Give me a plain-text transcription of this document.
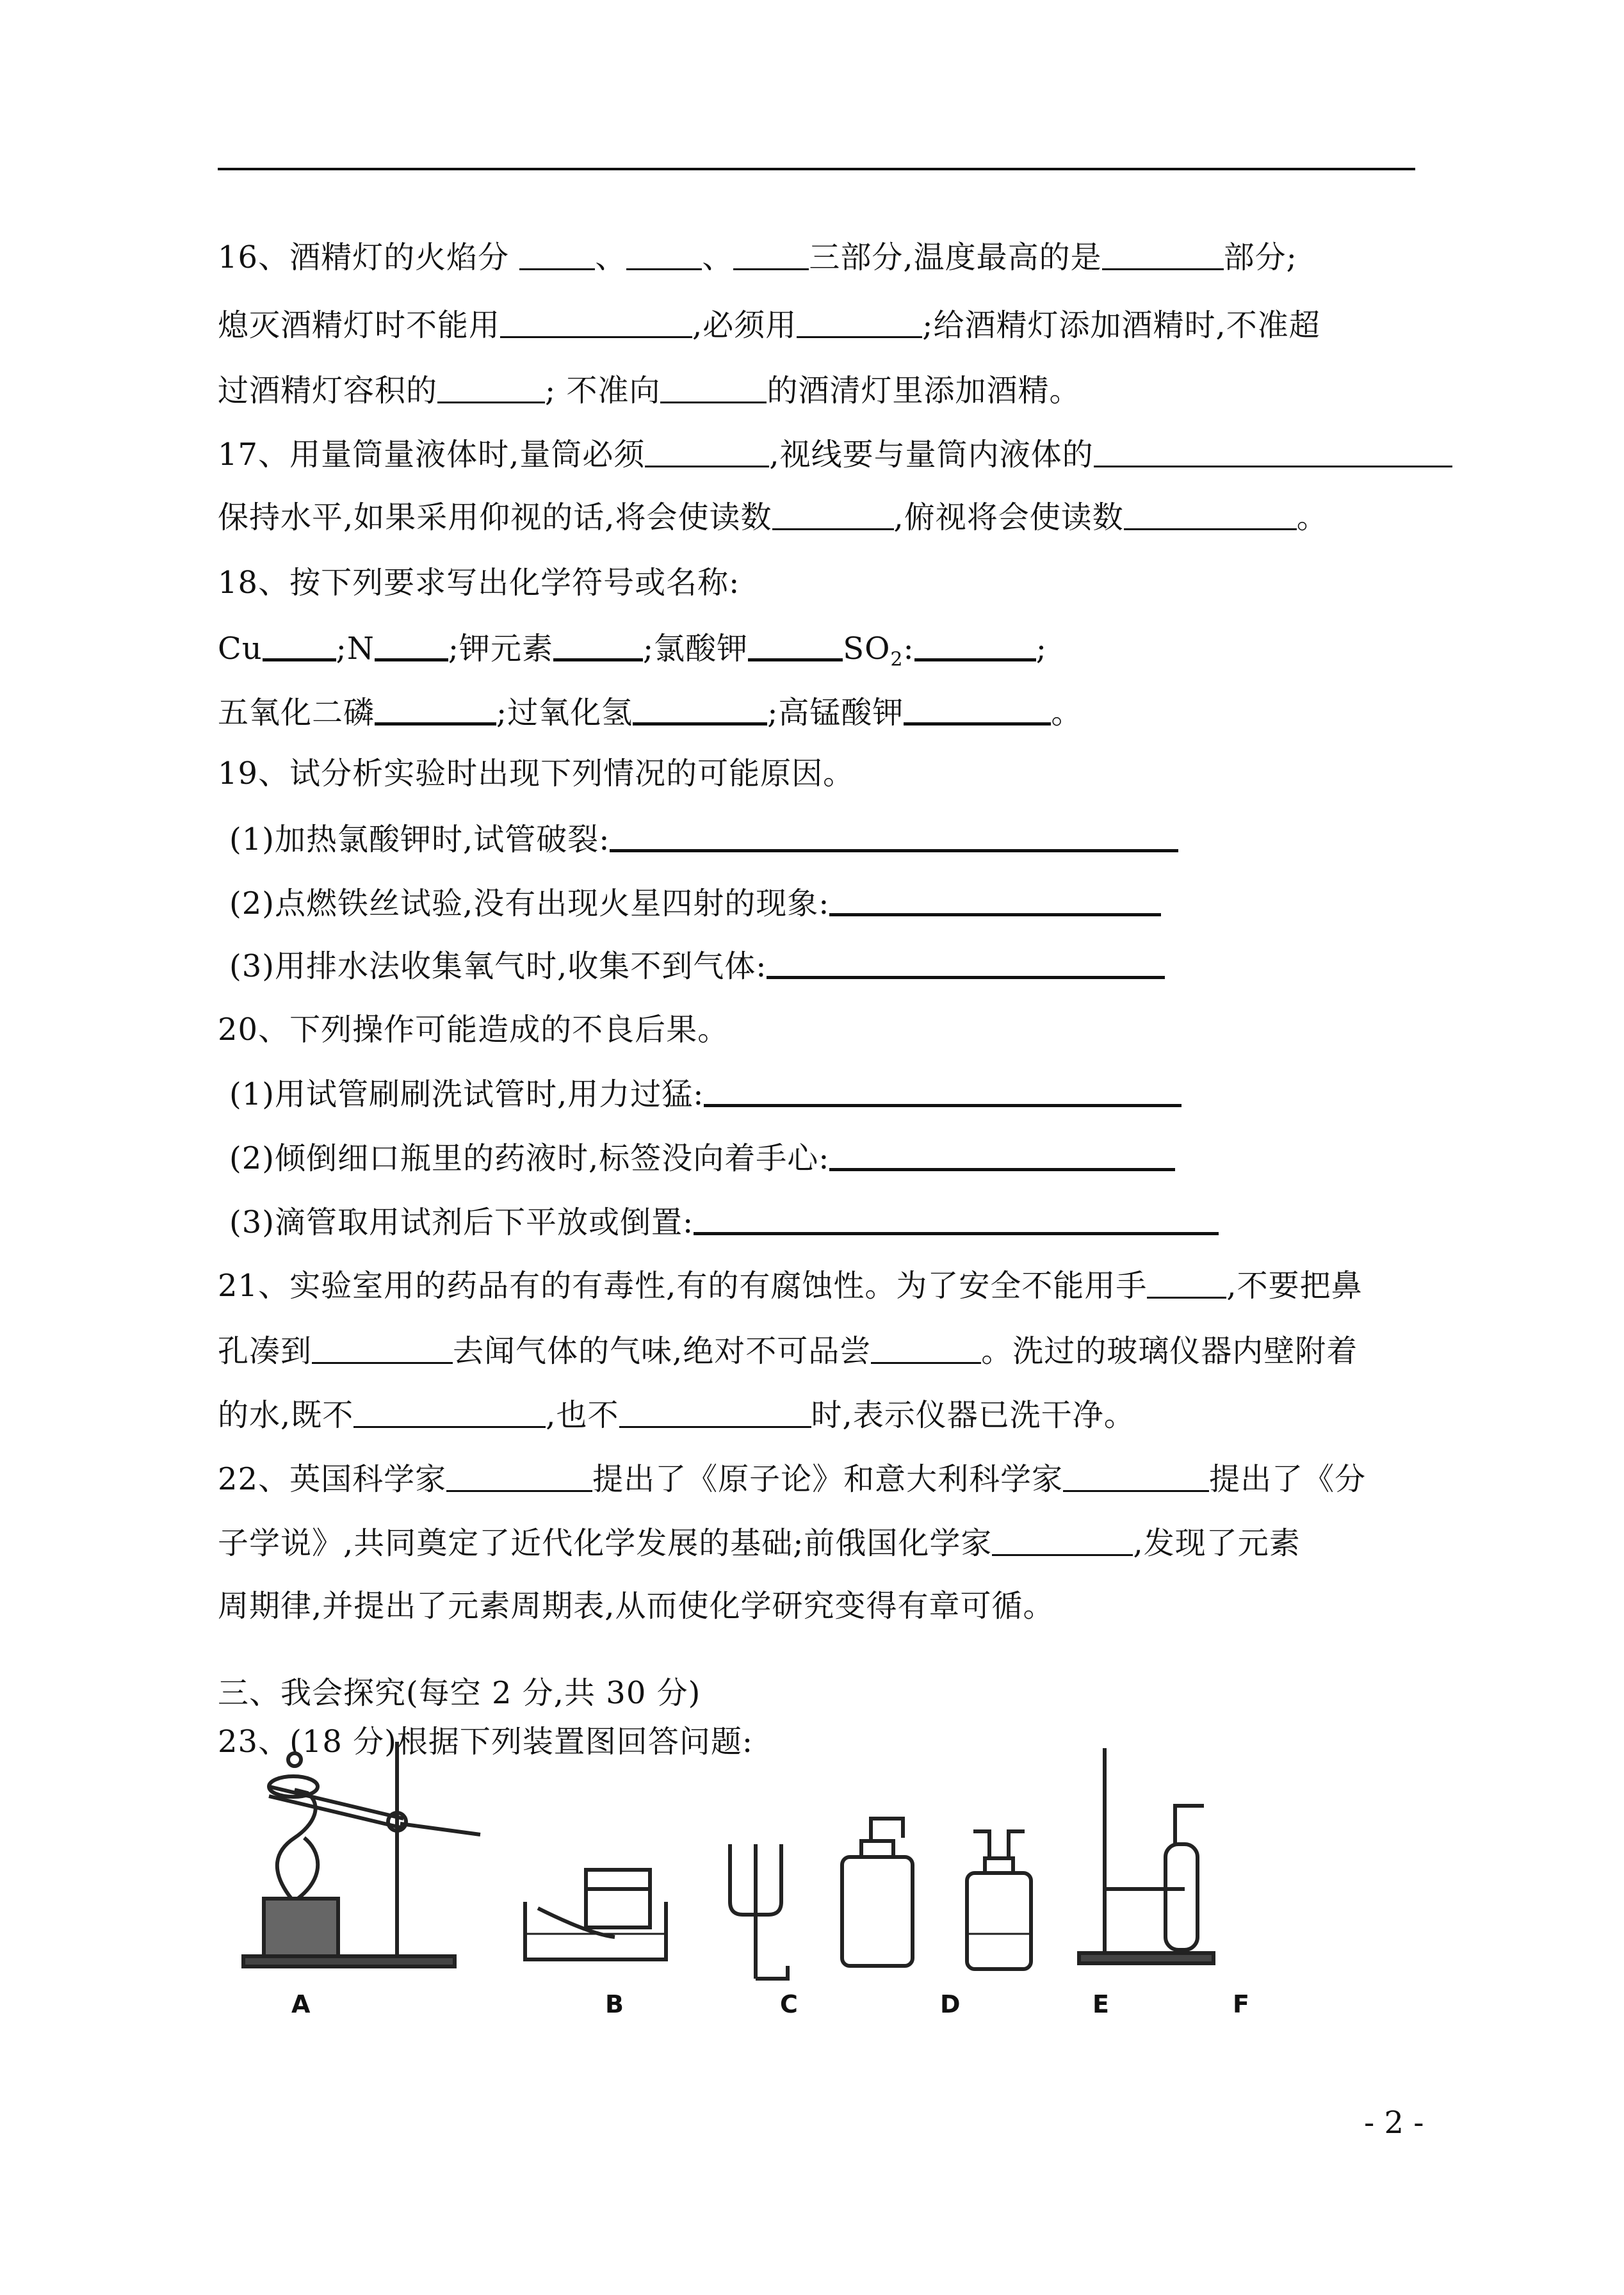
16、酒精灯的火焰分 、 、 三部分,温度最高的是	部分;
熄灭酒精灯时不能用	,必须用	;给酒精灯添加酒精时,不准超
过酒精灯容积的	; 不准向	的酒清灯里添加酒精。
17、用量筒量液体时,量筒必须	,视线要与量筒内液体的
保持水平,如果采用仰视的话,将会使读数	,俯视将会使读数	。
18、按下列要求写出化学符号或名称:
Cu ;N ;钾元素	;氯酸钾	$SO_2$:	;
五氧化二磷	;过氧化氢	;高锰酸钾	。
19、试分析实验时出现下列情况的可能原因。
(1)加热氯酸钾时,试管破裂:
(2)点燃铁丝试验,没有出现火星四射的现象:
(3)用排水法收集氧气时,收集不到气体:
20、下列操作可能造成的不良后果。
(1)用试管刷刷洗试管时,用力过猛:
(2)倾倒细口瓶里的药液时,标签没向着手心:
(3)滴管取用试剂后下平放或倒置:
21、实验室用的药品有的有毒性,有的有腐蚀性。为了安全不能用手	,不要把鼻
孔凑到	去闻气体的气味,绝对不可品尝	。洗过的玻璃仪器内壁附着
的水,既不	,也不	时,表示仪器已洗干净。
22、英国科学家	提出了《原子论》和意大利科学家	提出了《分
子学说》,共同奠定了近代化学发展的基础;前俄国化学家	,发现了元素
周期律,并提出了元素周期表,从而使化学研究变得有章可循。
三、我会探究(每空 2 分,共 30 分)
23、(18 分)根据下列装置图回答问题:
A	B	C	D	E	F
- 2 -
